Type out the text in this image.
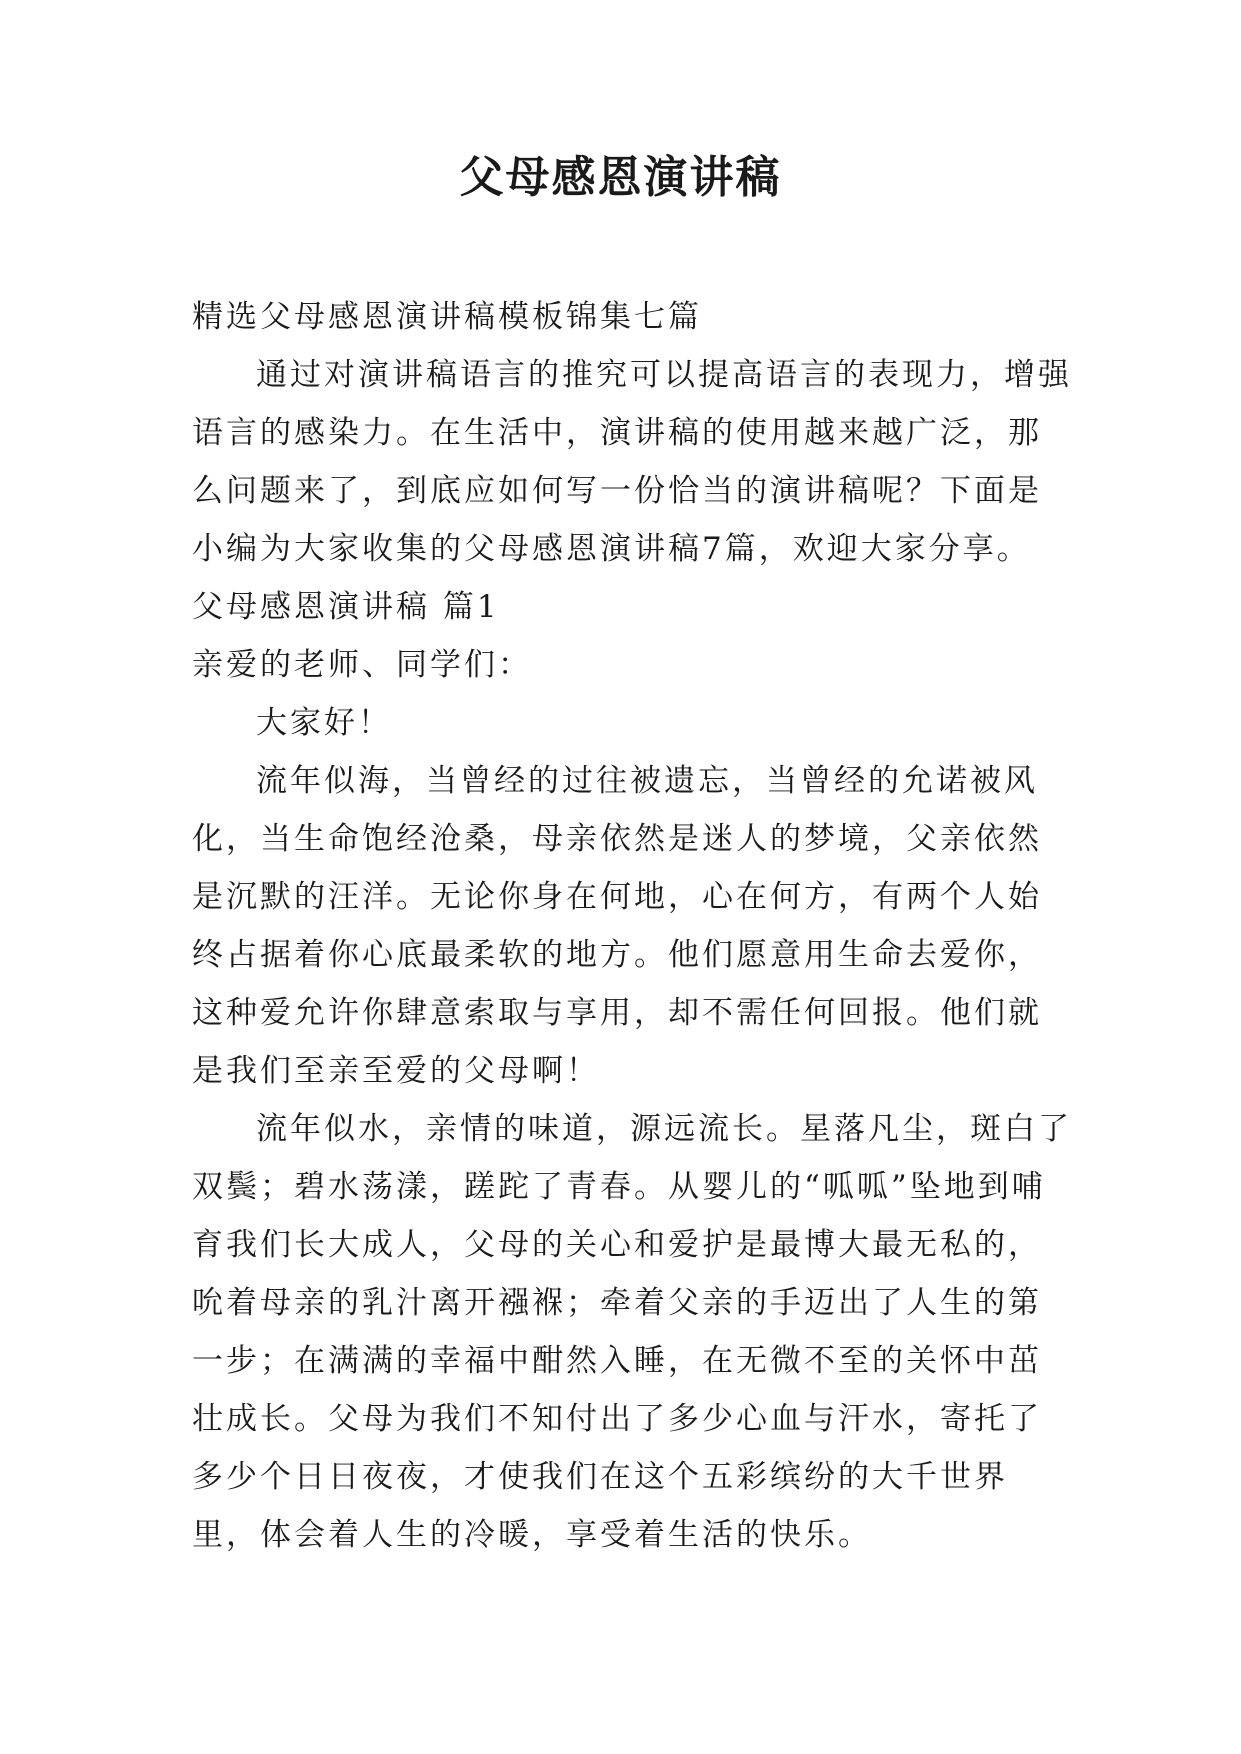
父母感恩演讲稿

精选父母感恩演讲稿模板锦集七篇

通过对演讲稿语言的推究可以提高语言的表现力，增强语言的感染力。在生活中，演讲稿的使用越来越广泛，那么问题来了，到底应如何写一份恰当的演讲稿呢？下面是小编为大家收集的父母感恩演讲稿7篇，欢迎大家分享。

父母感恩演讲稿 篇1

亲爱的老师、同学们：

大家好！

流年似海，当曾经的过往被遗忘，当曾经的允诺被风化，当生命饱经沧桑，母亲依然是迷人的梦境，父亲依然是沉默的汪洋。无论你身在何地，心在何方，有两个人始终占据着你心底最柔软的地方。他们愿意用生命去爱你，这种爱允许你肆意索取与享用，却不需任何回报。他们就是我们至亲至爱的父母啊！

流年似水，亲情的味道，源远流长。星落凡尘，斑白了双鬓；碧水荡漾，蹉跎了青春。从婴儿的“呱呱”坠地到哺育我们长大成人，父母的关心和爱护是最博大最无私的，吮着母亲的乳汁离开襁褓；牵着父亲的手迈出了人生的第一步；在满满的幸福中酣然入睡，在无微不至的关怀中茁壮成长。父母为我们不知付出了多少心血与汗水，寄托了多少个日日夜夜，才使我们在这个五彩缤纷的大千世界里，体会着人生的冷暖，享受着生活的快乐。
